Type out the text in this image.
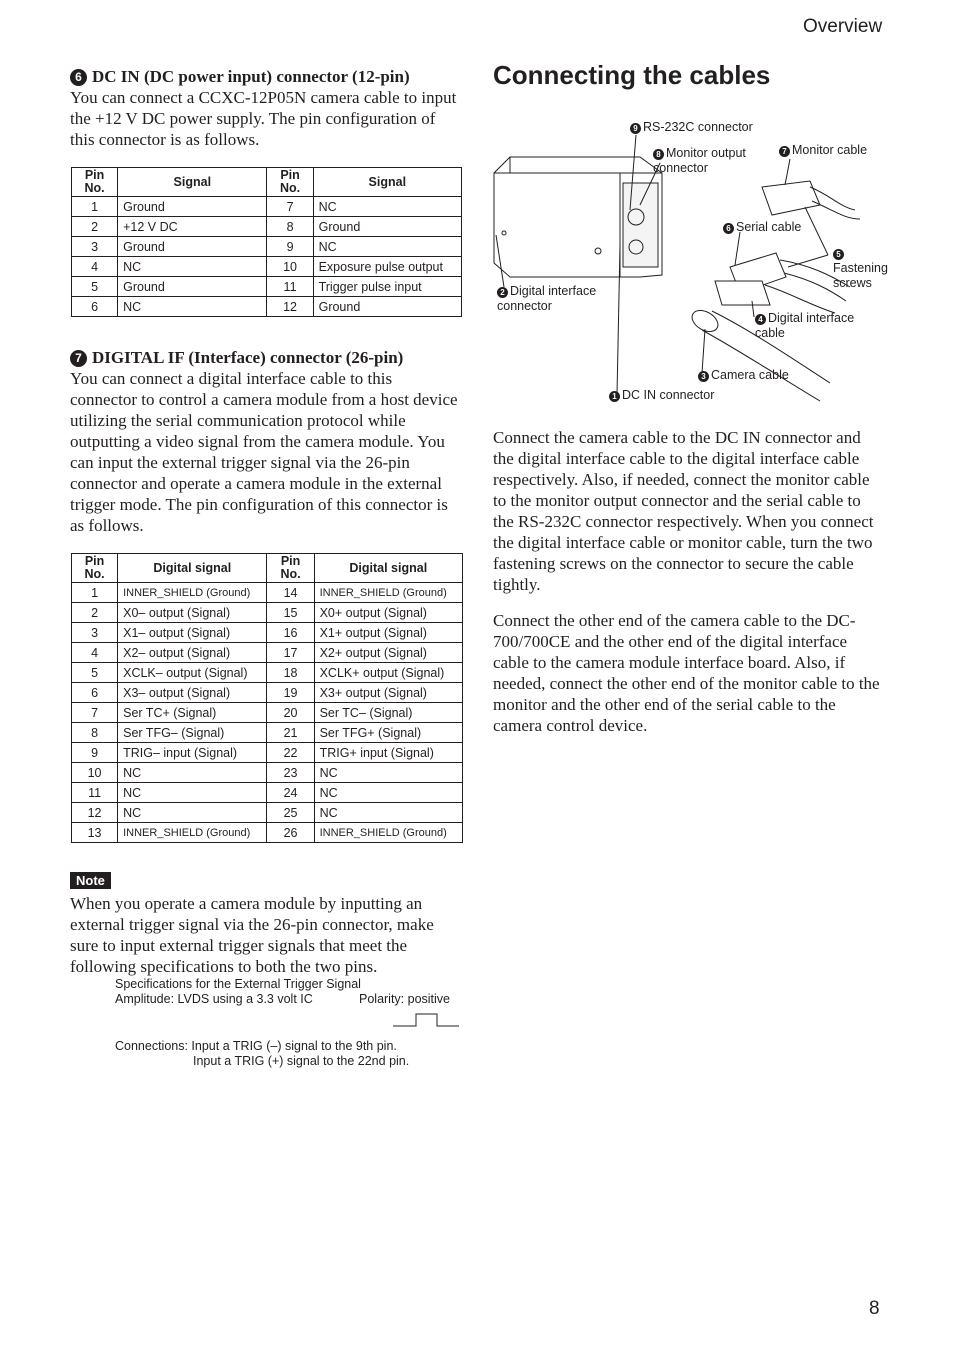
Overview
6 DC IN (DC power input) connector (12-pin)
You can connect a CCXC-12P05N camera cable to input the +12 V DC power supply. The pin configuration of this connector is as follows.
Pin No.	Signal	Pin No.	Signal
1	Ground	7	NC
2	+12 V DC	8	Ground
3	Ground	9	NC
4	NC	10	Exposure pulse output
5	Ground	11	Trigger pulse input
6	NC	12	Ground
7 DIGITAL IF (Interface) connector (26-pin)
You can connect a digital interface cable to this connector to control a camera module from a host device utilizing the serial communication protocol while outputting a video signal from the camera module. You can input the external trigger signal via the 26-pin connector and operate a camera module in the external trigger mode. The pin configuration of this connector is as follows.
Pin No.	Digital signal	Pin No.	Digital signal
1	INNER_SHIELD (Ground)	14	INNER_SHIELD (Ground)
2	X0– output (Signal)	15	X0+ output (Signal)
3	X1– output (Signal)	16	X1+ output (Signal)
4	X2– output (Signal)	17	X2+ output (Signal)
5	XCLK– output (Signal)	18	XCLK+ output (Signal)
6	X3– output (Signal)	19	X3+ output (Signal)
7	Ser TC+ (Signal)	20	Ser TC– (Signal)
8	Ser TFG– (Signal)	21	Ser TFG+ (Signal)
9	TRIG– input (Signal)	22	TRIG+ input (Signal)
10	NC	23	NC
11	NC	24	NC
12	NC	25	NC
13	INNER_SHIELD (Ground)	26	INNER_SHIELD (Ground)
Note
When you operate a camera module by inputting an external trigger signal via the 26-pin connector, make sure to input external trigger signals that meet the following specifications to both the two pins.
Specifications for the External Trigger Signal
Amplitude: LVDS using a 3.3 volt IC	Polarity: positive
Connections: Input a TRIG (–) signal to the 9th pin.
Input a TRIG (+) signal to the 22nd pin.
Connecting the cables
9 RS-232C connector
8 Monitor output connector
7 Monitor cable
6 Serial cable
5
Fastening screws
2 Digital interface connector
4 Digital interface cable
3 Camera cable
1 DC IN connector
Connect the camera cable to the DC IN connector and the digital interface cable to the digital interface cable respectively. Also, if needed, connect the monitor cable to the monitor output connector and the serial cable to the RS-232C connector respectively. When you connect the digital interface cable or monitor cable, turn the two fastening screws on the connector to secure the cable tightly.
Connect the other end of the camera cable to the DC-700/700CE and the other end of the digital interface cable to the camera module interface board. Also, if needed, connect the other end of the monitor cable to the monitor and the other end of the serial cable to the camera control device.
8
